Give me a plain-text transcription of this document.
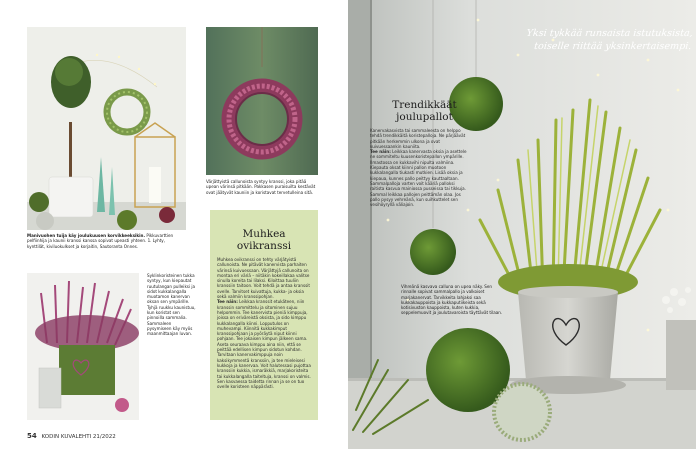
Manivuohen tuija käy joulukuusen korvikkeeksikin. Pikkuvarttien pelfiinhija ja kaunii kranssi kanssa sopivat upeasti yhteen. 1. Lyhty, kynttilät, kiviluokulkset ja korjaitin, Sautoranta Onnes.
Värjättyistä callunoista syntyy kranssi, joka pitää upean värinsä pitkään. Pakkasen puraisuilta kestävät ovat jäätyvät kauniin ja koristavat tervetulleina sitä.
Syklinkoristeinen tukka syntyy, kun kiepautat ruutulangan pulleiksi ja sidot kukkalangalla muotamon kanervan oksan sen ympärille. Tyhjä ruukku kaunistuu, kun koristat sen pinnoilla sammalia. Sammaleen pysymiseen käy myös maanmittaajan luvan.
Muhkea
ovikranssi
Muhkea ovikranssi on tehty värjätyistä callunoista. Ne pitävät kanervista parhaiten värinsä kuivuessaan. Värjättyjä callunoita on montaa eri väriä – niitäkin kokeillakaa valitse sinulla koreita tai lilaksi. Kiloittaa tuuliin kranssiin taitoon. Voit tehdä ja antaa kranssit ovelle. Tarvitset kuivattuja, kukka- ja oksia sekä valmiin kranssipohjan.
Tee näin: Leikkaa kranssit etukäteen, niin kranssin sommittelu ja sitominen sujuu helpommin. Tee kanervista pieniä kimppuja, joissa on eriväreistä oksista, ja sido kimppu kukkalangalla kiinni. Lopputulos on muhevampi. Kiinnitä kukkakimput kranssipohjaan ja pyöräytä niput kiinni pohjaan. Tee jokaisen kimpun jälkeen sama. Aseta seuraava kimppu aina niin, että se peittää edellisen kimpun sidotun kohdan. Tarvitaan kanervakimppuja noin kaksikymmentä kranssiin, ja tee mieleisesi kukkoja ja kanervaa. Voit halutessasi pujottaa kranssiin kukkia, ismaräkkiä, marjakoristeita tai kukkalangalla taiteltuja, kranssi on valmis. Sen kasvaessa taidetta rinnan ja se on tuo ovelle koristeen näppärästi.
54 KODIN KUVALEHTI 21/2022
Yksi tykkää runsaista istutuksista,
toiselle riittää yksinkertaisempi.
Trendikkäät
joulupallot
Kanervakasvista tai sammaleesta on helppo tehdä trendikkäitä koristepalloja. Ne pärjäävät pitkään herkemmin ulkona ja ovat kuivuessaankin kauniita.
Tee näin: Leikkaa kanervasta oksia ja asettele ne sommiteltu kuusenkoristepallon ympärille. Ilmastossa on kukkavihi nipulta valmiina. Kiepauta oksat kiinni pallon muotoon kukkalangalla tiukasti mutkien. Lisää oksia ja kiepaua, kunnes pallo peittyy kauttaaltaan. Sammalpalloja varten voit kääriä palloksi raitista kasvua mainiossa pusseissa tai tikkuja. Sammal leikkaa pallojen peittämän olaa. Jos pallo pysyy vehreänä, kun suihkuttelet sen vesihöyryllä väliajoin.
Vihreänä kasvava calluna on upea näky. Sen rinnalle sopivat sammalpallo ja valkoiset marjakanervat. Tarvikkeita lahjaksi saa kukkakauppoista ja kukkaputiikeista sekä kotisivuston kauppoista, kuten kukkia, seppelemuovit ja joulutavaroista täyttävät tilaan.
